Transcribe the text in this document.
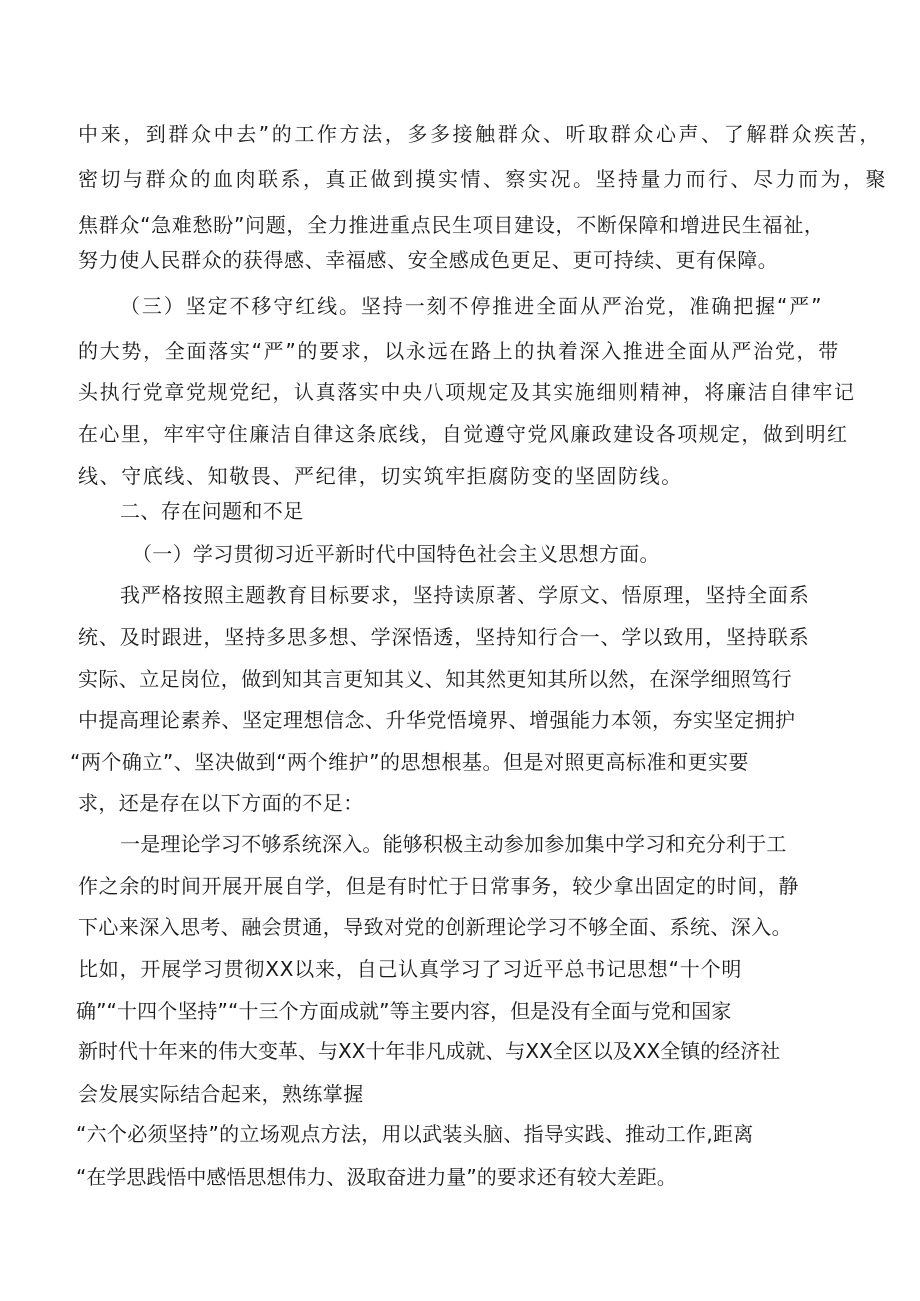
中来，到群众中去”的工作方法，多多接触群众、听取群众心声、了解群众疾苦，
密切与群众的血肉联系，真正做到摸实情、察实况。坚持量力而行、尽力而为，聚
焦群众“急难愁盼”问题，全力推进重点民生项目建设，不断保障和增进民生福祉，
努力使人民群众的获得感、幸福感、安全感成色更足、更可持续、更有保障。
（三）坚定不移守红线。坚持一刻不停推进全面从严治党，准确把握“严”
的大势，全面落实“严”的要求，以永远在路上的执着深入推进全面从严治党，带
头执行党章党规党纪，认真落实中央八项规定及其实施细则精神，将廉洁自律牢记
在心里，牢牢守住廉洁自律这条底线，自觉遵守党风廉政建设各项规定，做到明红
线、守底线、知敬畏、严纪律，切实筑牢拒腐防变的坚固防线。
二、存在问题和不足
（一）学习贯彻习近平新时代中国特色社会主义思想方面。
我严格按照主题教育目标要求，坚持读原著、学原文、悟原理，坚持全面系
统、及时跟进，坚持多思多想、学深悟透，坚持知行合一、学以致用，坚持联系
实际、立足岗位，做到知其言更知其义、知其然更知其所以然，在深学细照笃行
中提高理论素养、坚定理想信念、升华党悟境界、增强能力本领，夯实坚定拥护
“两个确立”、坚决做到“两个维护”的思想根基。但是对照更高标准和更实要
求，还是存在以下方面的不足：
一是理论学习不够系统深入。能够积极主动参加参加集中学习和充分利于工
作之余的时间开展开展自学，但是有时忙于日常事务，较少拿出固定的时间，静
下心来深入思考、融会贯通，导致对党的创新理论学习不够全面、系统、深入。
比如，开展学习贯彻XX以来，自己认真学习了习近平总书记思想“十个明
确”“十四个坚持”“十三个方面成就”等主要内容，但是没有全面与党和国家
新时代十年来的伟大变革、与XX十年非凡成就、与XX全区以及XX全镇的经济社
会发展实际结合起来，熟练掌握
“六个必须坚持”的立场观点方法，用以武装头脑、指导实践、推动工作,距离
“在学思践悟中感悟思想伟力、汲取奋进力量”的要求还有较大差距。
